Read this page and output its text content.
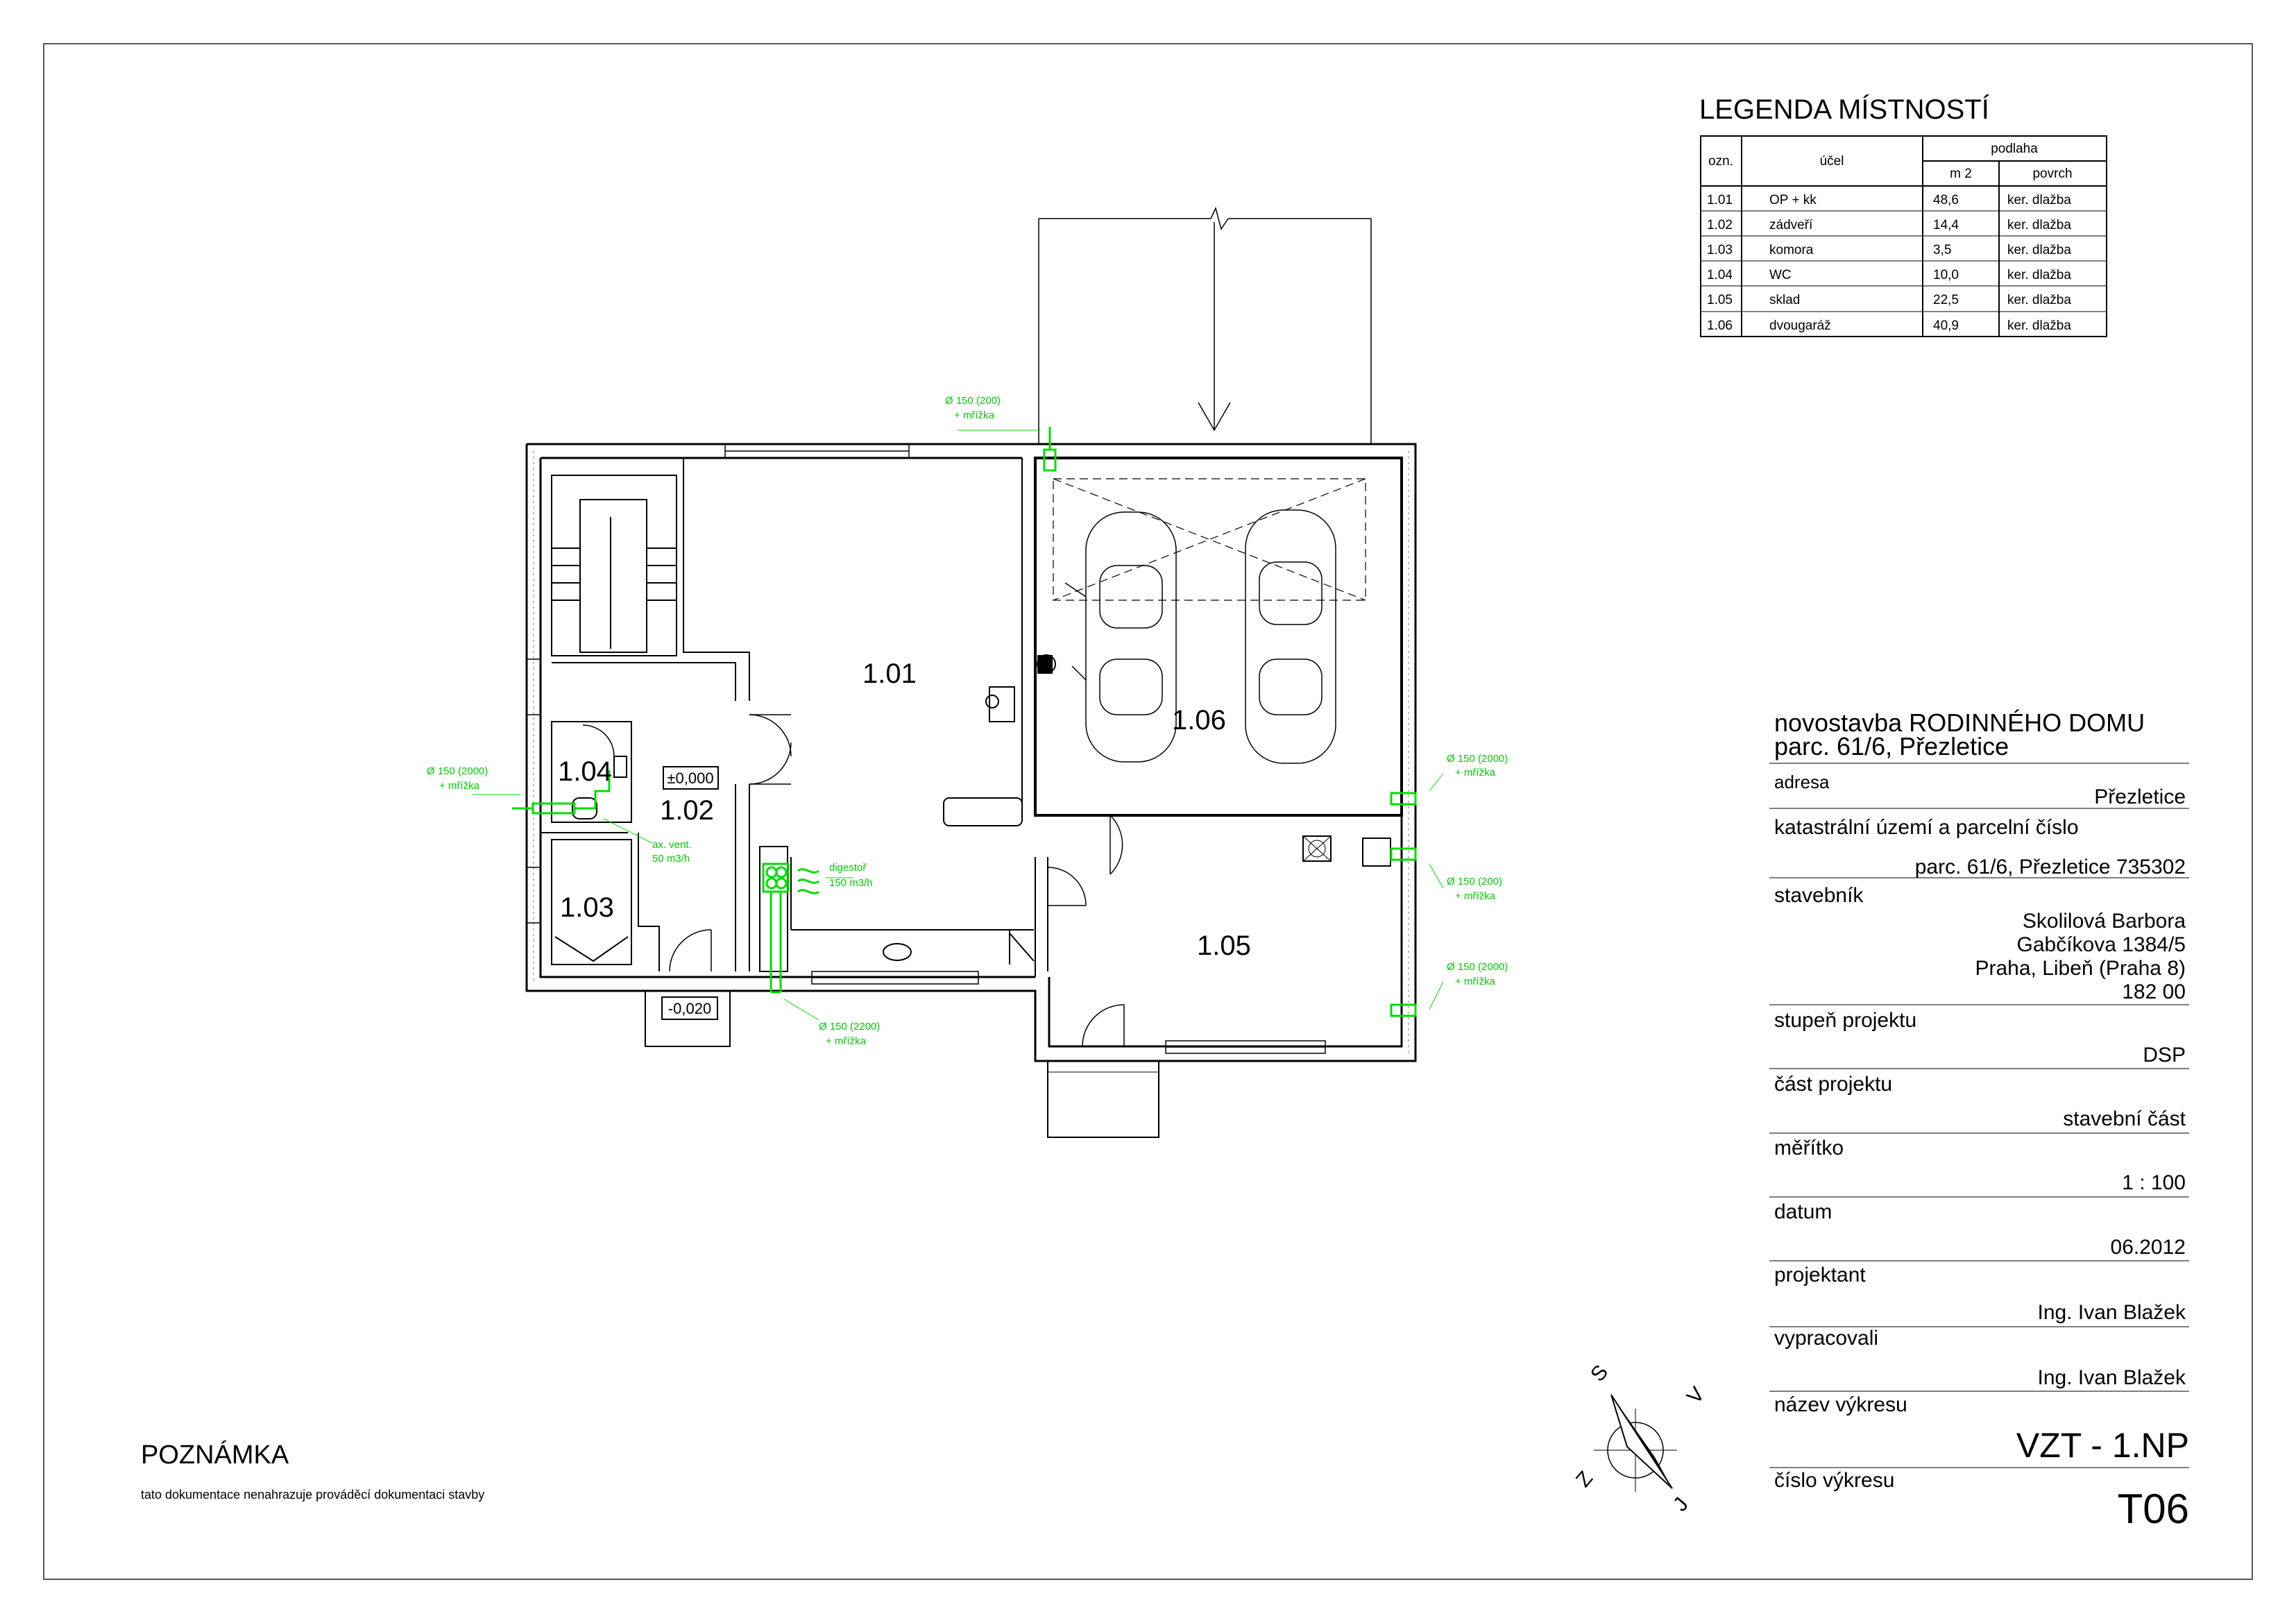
LEGENDA MÍSTNOSTÍ
ozn.	účel
podlaha
m 2	povrch
1.01	OP + kk	48,6	ker. dlažba
1.02	zádveří	14,4	ker. dlažba
1.03	komora	3,5	ker. dlažba
1.04	WC	10,0	ker. dlažba
1.05	sklad	22,5	ker. dlažba
1.06	dvougaráž	40,9	ker. dlažba
Ø 150 (200)
+ mřížka
Ø 150 (2000)
+ mřížka
ax. vent.
50 m3/h
digestoř
150 m3/h
Ø 150 (2200)
+ mřížka
Ø 150 (2000)
+ mřížka
Ø 150 (200)
+ mřížka
Ø 150 (2000)
+ mřížka
1.01
1.02
1.03
1.04
1.05
1.06
±0,000
-0,020
novostavba RODINNÉHO DOMU
parc. 61/6, Přezletice
adresa
Přezletice
katastrální území a parcelní číslo
parc. 61/6, Přezletice 735302
stavebník
Skolilová Barbora
Gabčíkova 1384/5
Praha, Libeň (Praha 8)
182 00
stupeň projektu
DSP
část projektu
stavební část
měřítko
1 : 100
datum
06.2012
projektant
Ing. Ivan Blažek
vypracovali
Ing. Ivan Blažek
název výkresu
VZT - 1.NP
číslo výkresu
T06
S
V
J
Z
POZNÁMKA
tato dokumentace nenahrazuje prováděcí dokumentaci stavby
